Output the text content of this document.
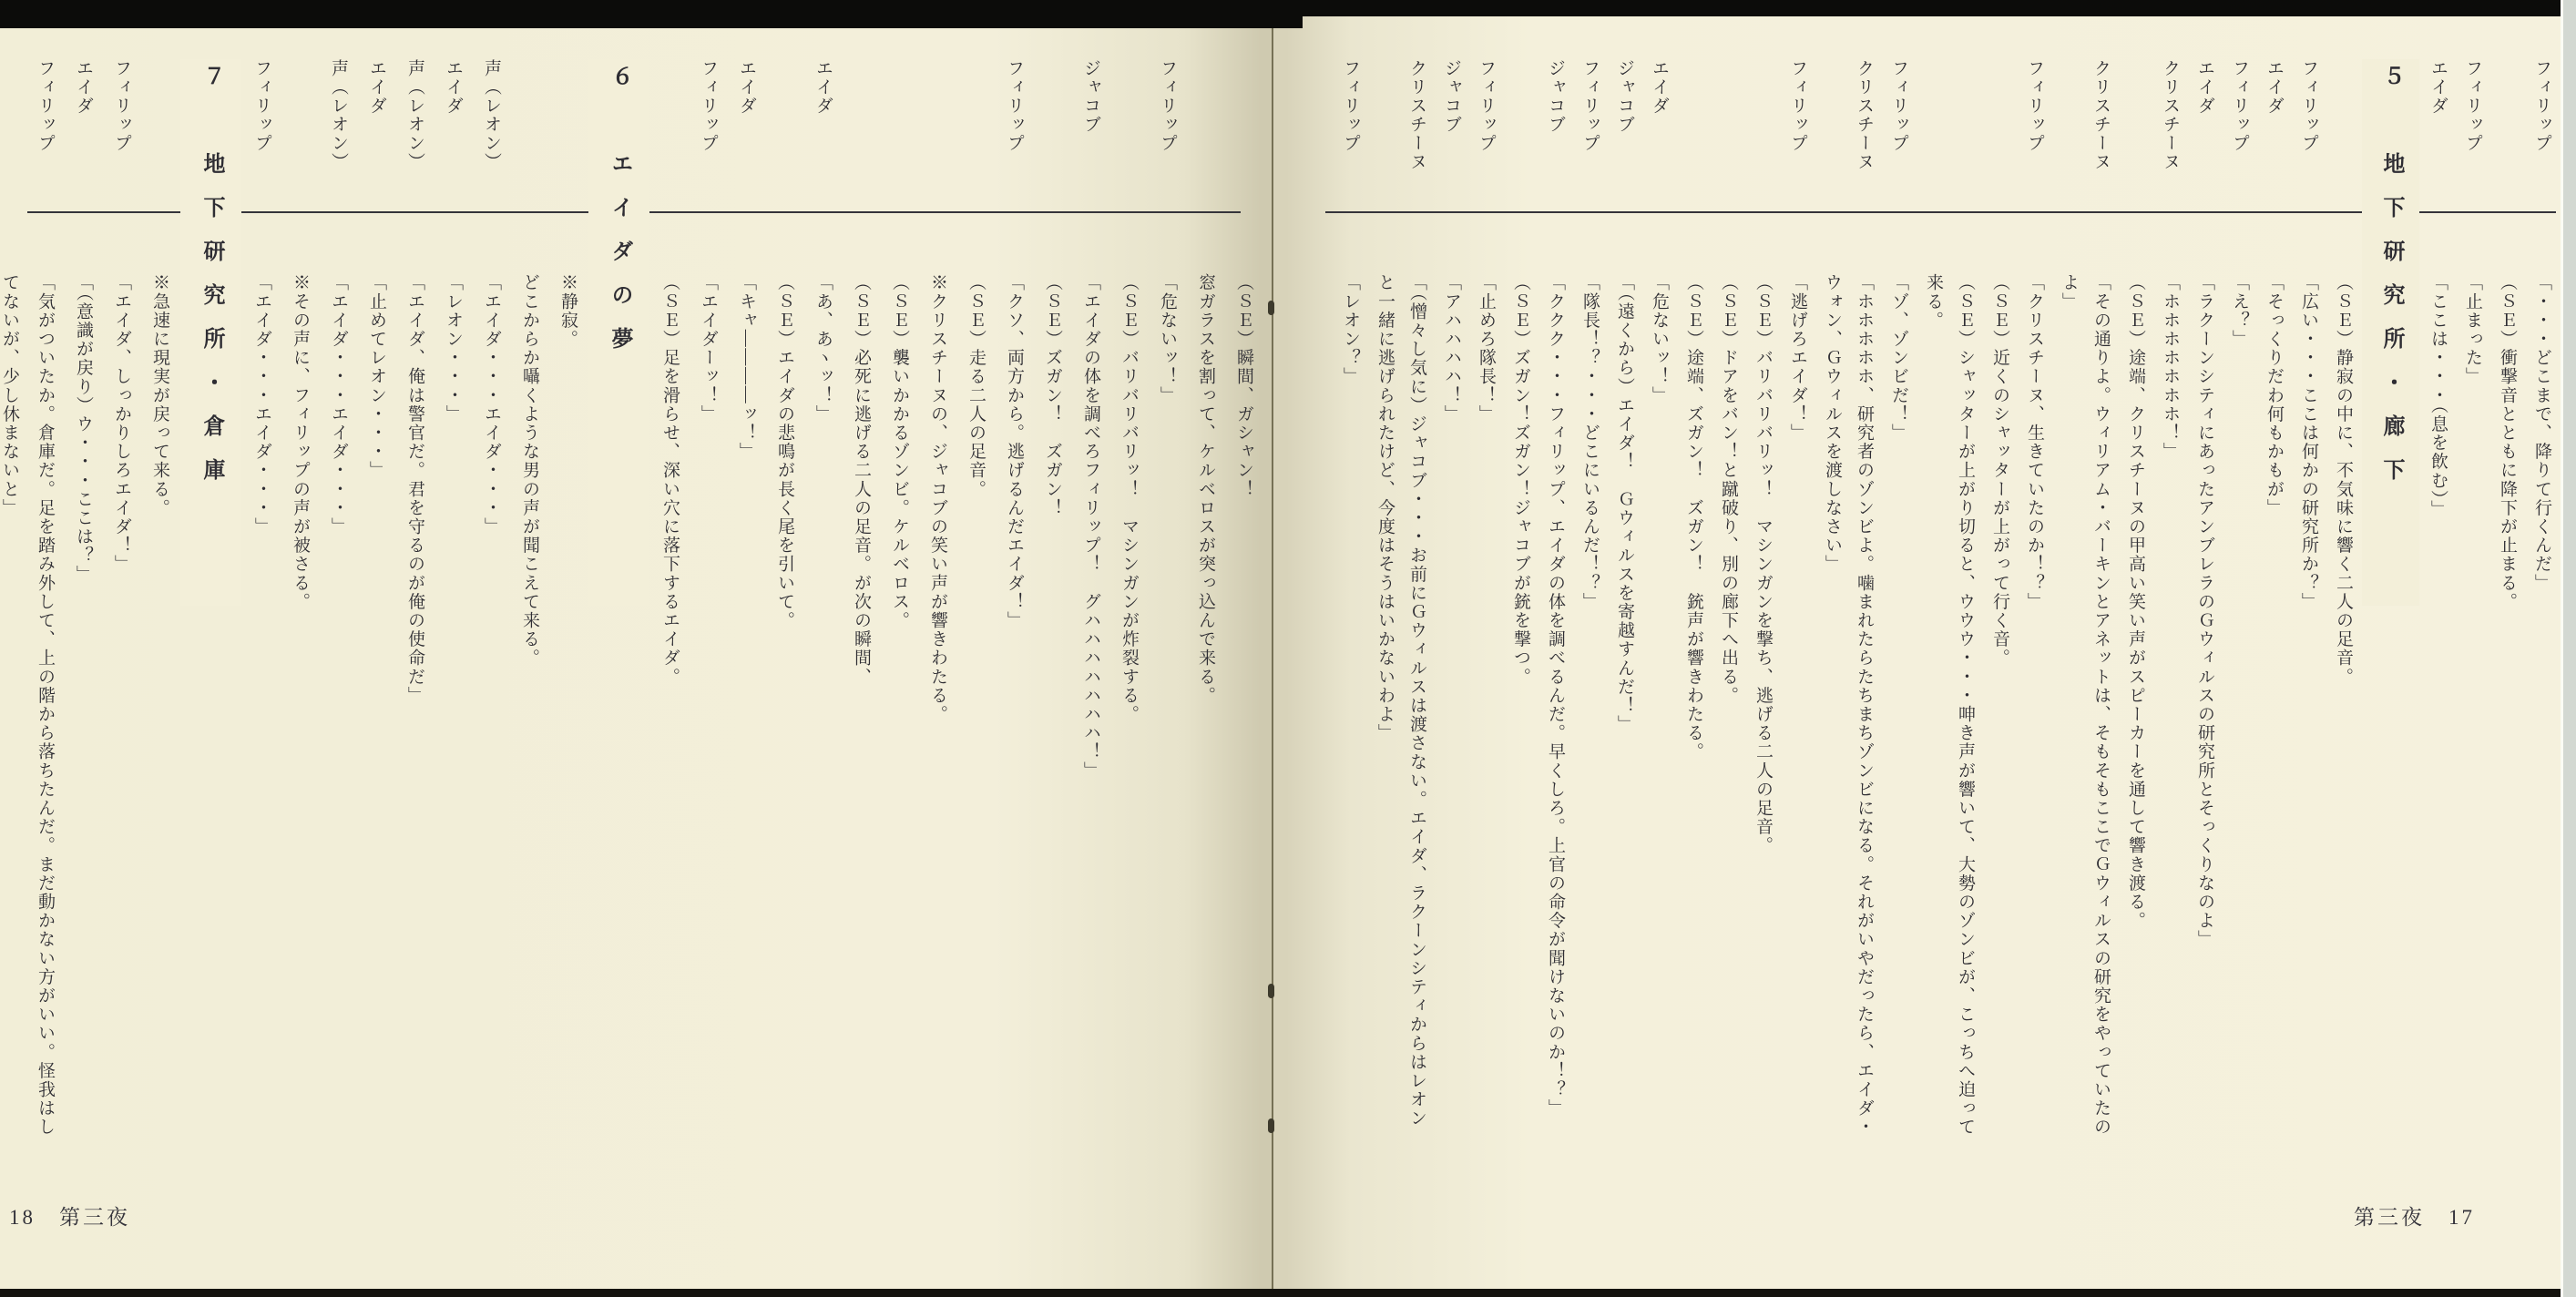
フィリップ
「・・・どこまで、降りて行くんだ」
（ＳＥ）衝撃音とともに降下が止まる。
フィリップ
「止まった」
エイダ
「ここは・・・（息を飲む）」
５　地下研究所・廊下
（ＳＥ）静寂の中に、不気味に響く二人の足音。
フィリップ
「広い・・・ここは何かの研究所か？」
エイダ
「そっくりだわ何もかもが」
フィリップ
「え？」
エイダ
「ラクーンシティにあったアンブレラのＧウィルスの研究所とそっくりなのよ」
クリスチーヌ
「ホホホホホホホ！」
（ＳＥ）途端、クリスチーヌの甲高い笑い声がスピーカーを通して響き渡る。
クリスチーヌ
「その通りよ。ウィリアム・バーキンとアネットは、そもそもここでＧウィルスの研究をやっていたのよ」
フィリップ
「クリスチーヌ、生きていたのか！？」
（ＳＥ）近くのシャッターが上がって行く音。
（ＳＥ）シャッターが上がり切ると、ウウウ・・・呻き声が響いて、大勢のゾンビが、こっちへ迫って来る。
フィリップ
「ゾ、ゾンビだ！」
クリスチーヌ
「ホホホホホ、研究者のゾンビよ。噛まれたらたちまちゾンビになる。それがいやだったら、エイダ・ウォン、Ｇウィルスを渡しなさい」
フィリップ
「逃げろエイダ！」
（ＳＥ）バリバリバリッ！　マシンガンを撃ち、逃げる二人の足音。
（ＳＥ）ドアをバン！と蹴破り、別の廊下へ出る。
（ＳＥ）途端、ズガン！　ズガン！　銃声が響きわたる。
エイダ
「危ないッ！」
ジャコブ
「（遠くから）エイダ！　Ｇウィルスを寄越すんだ！」
フィリップ
「隊長！？・・・どこにいるんだ！？」
ジャコブ
「ククク・・・フィリップ、エイダの体を調べるんだ。早くしろ。上官の命令が聞けないのか！？」
（ＳＥ）ズガン！ズガン！ジャコブが銃を撃つ。
フィリップ
「止めろ隊長！」
ジャコブ
「アハハハハ！」
クリスチーヌ
「（憎々し気に）ジャコブ・・・お前にＧウィルスは渡さない。エイダ、ラクーンシティからはレオンと一緒に逃げられたけど、今度はそうはいかないわよ」
フィリップ
「レオン？」
（ＳＥ）瞬間、ガシャン！
窓ガラスを割って、ケルベロスが突っ込んで来る。
フィリップ
「危ないッ！」
（ＳＥ）バリバリバリッ！　マシンガンが炸裂する。
ジャコブ
「エイダの体を調べろフィリップ！　グハハハハハハハ！」
（ＳＥ）ズガン！　ズガン！
フィリップ
「クソ、両方から。逃げるんだエイダ！」
（ＳＥ）走る二人の足音。
※クリスチーヌの、ジャコブの笑い声が響きわたる。
（ＳＥ）襲いかかるゾンビ。ケルベロス。
（ＳＥ）必死に逃げる二人の足音。が次の瞬間、
エイダ
「あ、あヽッ！」
（ＳＥ）エイダの悲鳴が長く尾を引いて。
エイダ
「キャ――――ッ！」
フィリップ
「エイダーッ！」
（ＳＥ）足を滑らせ、深い穴に落下するエイダ。
６　エイダの夢
※静寂。
どこからか囁くような男の声が聞こえて来る。
声（レオン）
「エイダ・・・エイダ・・・」
エイダ
「レオン・・・」
声（レオン）
「エイダ、俺は警官だ。君を守るのが俺の使命だ」
エイダ
「止めてレオン・・・」
声（レオン）
「エイダ・・・エイダ・・・」
※その声に、フィリップの声が被さる。
フィリップ
「エイダ・・・エイダ・・・」
７　地下研究所・倉庫
※急速に現実が戻って来る。
フィリップ
「エイダ、しっかりしろエイダ！」
エイダ
「（意識が戻り）ウ・・・ここは？」
フィリップ
「気がついたか。倉庫だ。足を踏み外して、上の階から落ちたんだ。まだ動かない方がいい。怪我はしてないが、少し休まないと」
18　第三夜	第三夜　17
